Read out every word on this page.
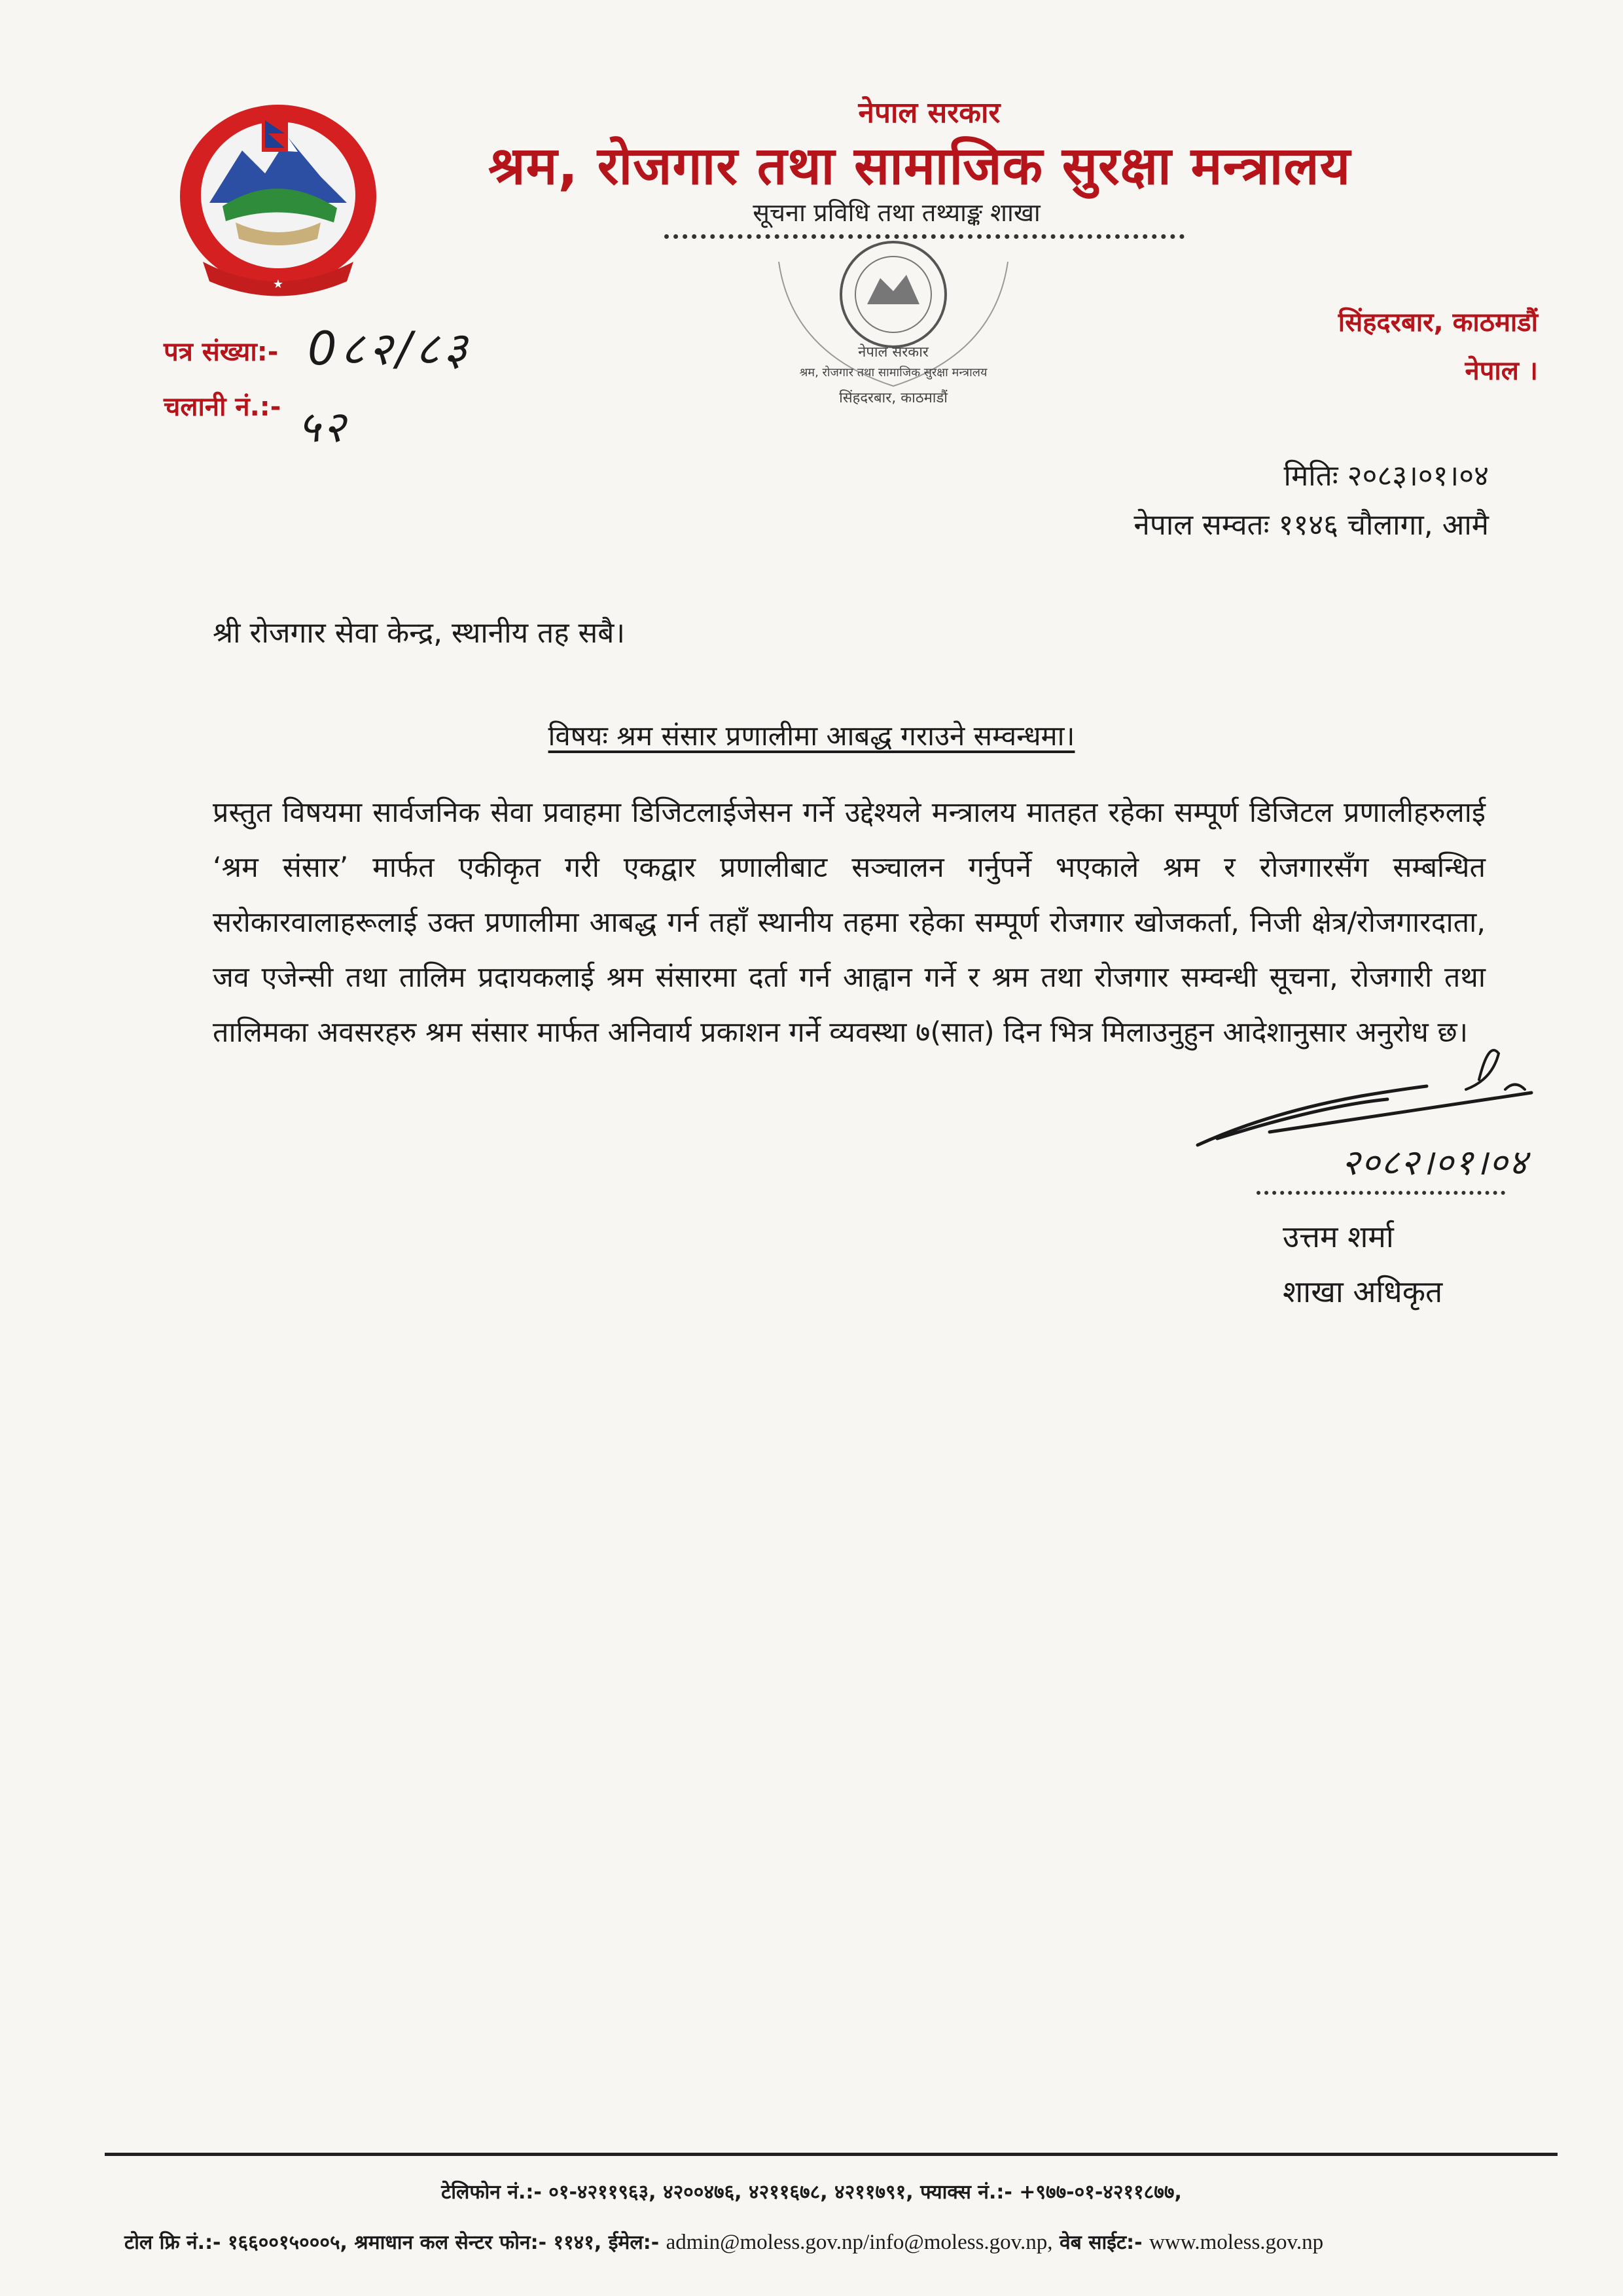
★
नेपाल सरकार
श्रम, रोजगार तथा सामाजिक सुरक्षा मन्त्रालय
सूचना प्रविधि तथा तथ्याङ्क शाखा
नेपाल सरकार
श्रम, रोजगार तथा सामाजिक सुरक्षा मन्त्रालय
सिंहदरबार, काठमाडौं
सिंहदरबार, काठमाडौं
नेपाल ।
पत्र संख्या:- 0८२/८३
चलानी नं.:- ५२
मितिः २०८३।०१।०४
नेपाल सम्वतः ११४६ चौलागा, आमै
श्री रोजगार सेवा केन्द्र, स्थानीय तह सबै।
विषयः श्रम संसार प्रणालीमा आबद्ध गराउने सम्वन्धमा।
प्रस्तुत विषयमा सार्वजनिक सेवा प्रवाहमा डिजिटलाईजेसन गर्ने उद्देश्यले मन्त्रालय मातहत रहेका सम्पूर्ण डिजिटल प्रणालीहरुलाई ‘श्रम संसार’ मार्फत एकीकृत गरी एकद्वार प्रणालीबाट सञ्चालन गर्नुपर्ने भएकाले श्रम र रोजगारसँग सम्बन्धित सरोकारवालाहरूलाई उक्त प्रणालीमा आबद्ध गर्न तहाँ स्थानीय तहमा रहेका सम्पूर्ण रोजगार खोजकर्ता, निजी क्षेत्र/रोजगारदाता, जव एजेन्सी तथा तालिम प्रदायकलाई श्रम संसारमा दर्ता गर्न आह्वान गर्ने र श्रम तथा रोजगार सम्वन्धी सूचना, रोजगारी तथा तालिमका अवसरहरु श्रम संसार मार्फत अनिवार्य प्रकाशन गर्ने व्यवस्था ७(सात) दिन भित्र मिलाउनुहुन आदेशानुसार अनुरोध छ।
२०८२।०१।०४
उत्तम शर्मा
शाखा अधिकृत
टेलिफोन नं.:- ०१-४२११९६३, ४२००४७६, ४२११६७८, ४२११७९१, फ्याक्स नं.:- +९७७-०१-४२११८७७,
टोल फ्रि नं.:- १६६००१५०००५, श्रमाधान कल सेन्टर फोन:- ११४१, ईमेल:- admin@moless.gov.np/info@moless.gov.np, वेब साईट:- www.moless.gov.np
